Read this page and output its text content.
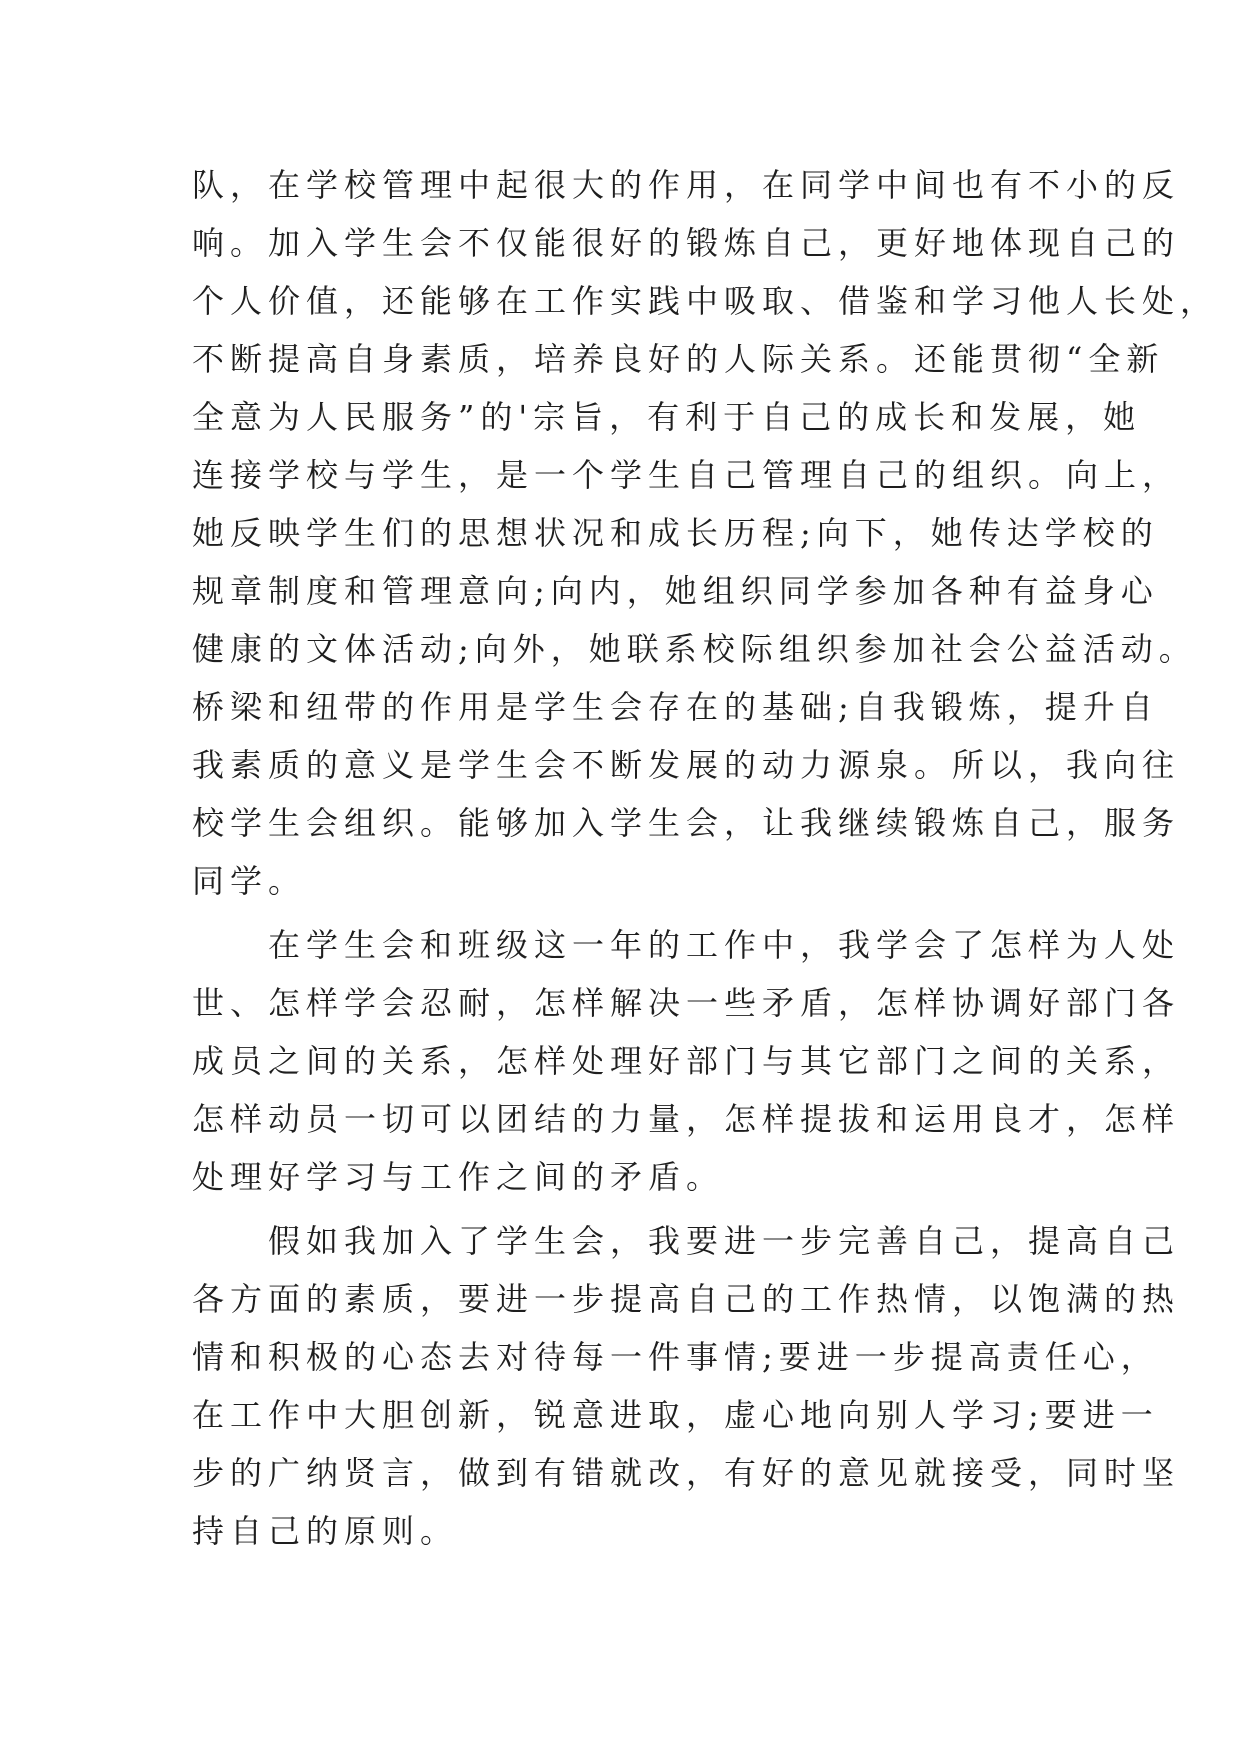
队，在学校管理中起很大的作用，在同学中间也有不小的反
响。加入学生会不仅能很好的锻炼自己，更好地体现自己的
个人价值，还能够在工作实践中吸取、借鉴和学习他人长处，
不断提高自身素质，培养良好的人际关系。还能贯彻“全新
全意为人民服务”的'宗旨，有利于自己的成长和发展，她
连接学校与学生，是一个学生自己管理自己的组织。向上，
她反映学生们的思想状况和成长历程;向下，她传达学校的
规章制度和管理意向;向内，她组织同学参加各种有益身心
健康的文体活动;向外，她联系校际组织参加社会公益活动。
桥梁和纽带的作用是学生会存在的基础;自我锻炼，提升自
我素质的意义是学生会不断发展的动力源泉。所以，我向往
校学生会组织。能够加入学生会，让我继续锻炼自己，服务
同学。
　　在学生会和班级这一年的工作中，我学会了怎样为人处
世、怎样学会忍耐，怎样解决一些矛盾，怎样协调好部门各
成员之间的关系，怎样处理好部门与其它部门之间的关系，
怎样动员一切可以团结的力量，怎样提拔和运用良才，怎样
处理好学习与工作之间的矛盾。
　　假如我加入了学生会，我要进一步完善自己，提高自己
各方面的素质，要进一步提高自己的工作热情，以饱满的热
情和积极的心态去对待每一件事情;要进一步提高责任心，
在工作中大胆创新，锐意进取，虚心地向别人学习;要进一
步的广纳贤言，做到有错就改，有好的意见就接受，同时坚
持自己的原则。
